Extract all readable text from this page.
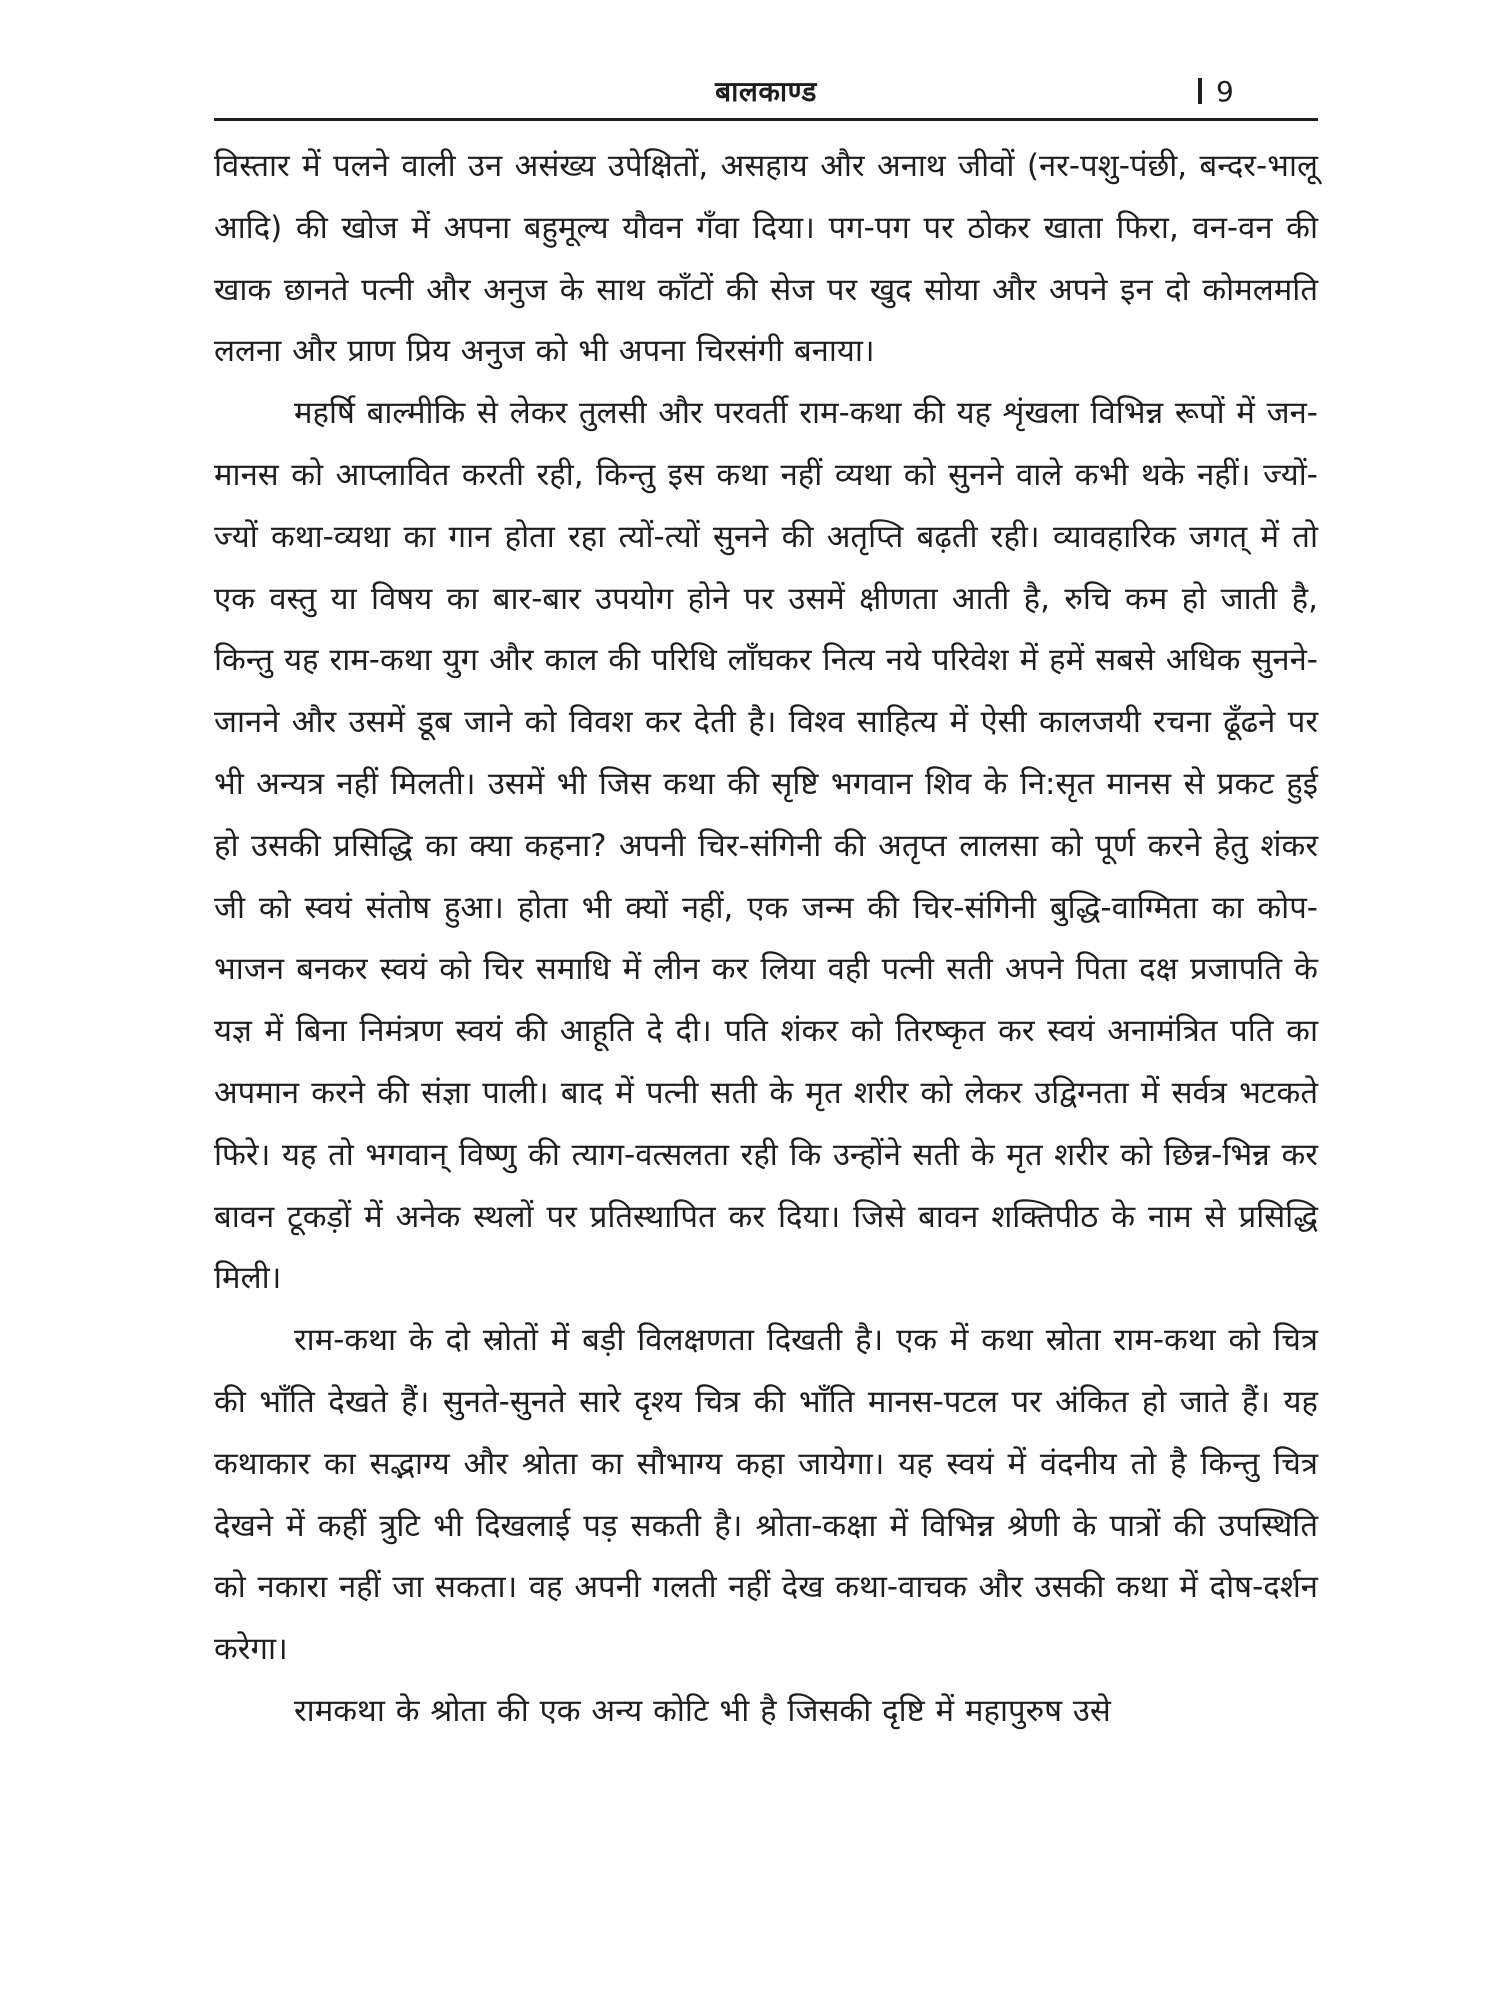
बालकाण्ड	9

विस्तार में पलने वाली उन असंख्य उपेक्षितों, असहाय और अनाथ जीवों (नर-पशु-पंछी, बन्दर-भालू आदि) की खोज में अपना बहुमूल्य यौवन गँवा दिया। पग-पग पर ठोकर खाता फिरा, वन-वन की खाक छानते पत्नी और अनुज के साथ काँटों की सेज पर खुद सोया और अपने इन दो कोमलमति ललना और प्राण प्रिय अनुज को भी अपना चिरसंगी बनाया।

महर्षि बाल्मीकि से लेकर तुलसी और परवर्ती राम-कथा की यह शृंखला विभिन्न रूपों में जन-मानस को आप्लावित करती रही, किन्तु इस कथा नहीं व्यथा को सुनने वाले कभी थके नहीं। ज्यों-ज्यों कथा-व्यथा का गान होता रहा त्यों-त्यों सुनने की अतृप्ति बढ़ती रही। व्यावहारिक जगत् में तो एक वस्तु या विषय का बार-बार उपयोग होने पर उसमें क्षीणता आती है, रुचि कम हो जाती है, किन्तु यह राम-कथा युग और काल की परिधि लाँघकर नित्य नये परिवेश में हमें सबसे अधिक सुनने-जानने और उसमें डूब जाने को विवश कर देती है। विश्व साहित्य में ऐसी कालजयी रचना ढूँढने पर भी अन्यत्र नहीं मिलती। उसमें भी जिस कथा की सृष्टि भगवान शिव के नि:सृत मानस से प्रकट हुई हो उसकी प्रसिद्धि का क्या कहना? अपनी चिर-संगिनी की अतृप्त लालसा को पूर्ण करने हेतु शंकर जी को स्वयं संतोष हुआ। होता भी क्यों नहीं, एक जन्म की चिर-संगिनी बुद्धि-वाग्मिता का कोप-भाजन बनकर स्वयं को चिर समाधि में लीन कर लिया वही पत्नी सती अपने पिता दक्ष प्रजापति के यज्ञ में बिना निमंत्रण स्वयं की आहूति दे दी। पति शंकर को तिरष्कृत कर स्वयं अनामंत्रित पति का अपमान करने की संज्ञा पाली। बाद में पत्नी सती के मृत शरीर को लेकर उद्विग्नता में सर्वत्र भटकते फिरे। यह तो भगवान् विष्णु की त्याग-वत्सलता रही कि उन्होंने सती के मृत शरीर को छिन्न-भिन्न कर बावन टूकड़ों में अनेक स्थलों पर प्रतिस्थापित कर दिया। जिसे बावन शक्तिपीठ के नाम से प्रसिद्धि मिली।

राम-कथा के दो स्रोतों में बड़ी विलक्षणता दिखती है। एक में कथा स्रोता राम-कथा को चित्र की भाँति देखते हैं। सुनते-सुनते सारे दृश्य चित्र की भाँति मानस-पटल पर अंकित हो जाते हैं। यह कथाकार का सद्भाग्य और श्रोता का सौभाग्य कहा जायेगा। यह स्वयं में वंदनीय तो है किन्तु चित्र देखने में कहीं त्रुटि भी दिखलाई पड़ सकती है। श्रोता-कक्षा में विभिन्न श्रेणी के पात्रों की उपस्थिति को नकारा नहीं जा सकता। वह अपनी गलती नहीं देख कथा-वाचक और उसकी कथा में दोष-दर्शन करेगा।

रामकथा के श्रोता की एक अन्य कोटि भी है जिसकी दृष्टि में महापुरुष उसे
